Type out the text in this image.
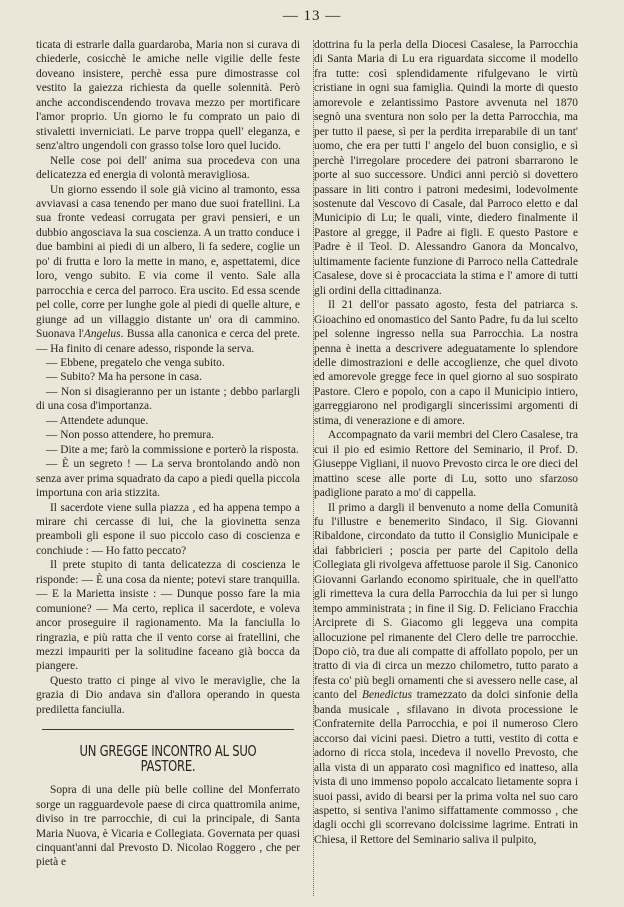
— 13 —

ticata di estrarle dalla guardaroba, Maria non si curava di chiederle, cosicchè le amiche nelle vigilie delle feste doveano insistere, perchè essa pure dimostrasse col vestito la gaiezza richiesta da quelle solennità. Però anche accondiscendendo trovava mezzo per mortificare l'amor proprio. Un giorno le fu comprato un paio di stivaletti inverniciati. Le parve troppa quell' eleganza, e senz'altro ungendoli con grasso tolse loro quel lucido.

Nelle cose poi dell' anima sua procedeva con una delicatezza ed energia di volontà meravigliosa.

Un giorno essendo il sole già vicino al tramonto, essa avviavasi a casa tenendo per mano due suoi fratellini. La sua fronte vedeasi corrugata per gravi pensieri, e un dubbio angosciava la sua coscienza. A un tratto conduce i due bambini ai piedi di un albero, li fa sedere, coglie un po' di frutta e loro la mette in mano, e, aspettatemi, dice loro, vengo subito. E via come il vento. Sale alla parrocchia e cerca del parroco. Era uscito. Ed essa scende pel colle, corre per lunghe gole al piedi di quelle alture, e giunge ad un villaggio distante un' ora di cammino. Suonava l'Angelus. Bussa alla canonica e cerca del prete. — Ha finito di cenare adesso, risponde la serva.

— Ebbene, pregatelo che venga subito.

— Subito? Ma ha persone in casa.

— Non si disagieranno per un istante ; debbo parlargli di una cosa d'importanza.

— Attendete adunque.

— Non posso attendere, ho premura.

— Dite a me; farò la commissione e porterò la risposta.

— È un segreto ! — La serva brontolando andò non senza aver prima squadrato da capo a piedi quella piccola importuna con aria stizzita.

Il sacerdote viene sulla piazza , ed ha appena tempo a mirare chi cercasse di lui, che la giovinetta senza preamboli gli espone il suo piccolo caso di coscienza e conchiude : — Ho fatto peccato?

Il prete stupito di tanta delicatezza di coscienza le risponde: — È una cosa da niente; potevi stare tranquilla. — E la Marietta insiste : — Dunque posso fare la mia comunione? — Ma certo, replica il sacerdote, e voleva ancor proseguire il ragionamento. Ma la fanciulla lo ringrazia, e più ratta che il vento corse ai fratellini, che mezzi impauriti per la solitudine faceano già bocca da piangere.

Questo tratto ci pinge al vivo le meraviglie, che la grazia di Dio andava sin d'allora operando in questa prediletta fanciulla.

UN GREGGE INCONTRO AL SUO PASTORE.

Sopra di una delle più belle colline del Monferrato sorge un ragguardevole paese di circa quattromila anime, diviso in tre parrocchie, di cui la principale, di Santa Maria Nuova, è Vicaria e Collegiata. Governata per quasi cinquant'anni dal Prevosto D. Nicolao Roggero , che per pietà e

dottrina fu la perla della Diocesi Casalese, la Parrocchia di Santa Maria di Lu era riguardata siccome il modello fra tutte: così splendidamente rifulgevano le virtù cristiane in ogni sua famiglia. Quindi la morte di questo amorevole e zelantissimo Pastore avvenuta nel 1870 segnò una sventura non solo per la detta Parrocchia, ma per tutto il paese, sì per la perdita irreparabile di un tant' uomo, che era per tutti l' angelo del buon consiglio, e sì perchè l'irregolare procedere dei patroni sbarrarono le porte al suo successore. Undici anni perciò si dovettero passare in liti contro i patroni medesimi, lodevolmente sostenute dal Vescovo di Casale, dal Parroco eletto e dal Municipio di Lu; le quali, vinte, diedero finalmente il Pastore al gregge, il Padre ai figli. E questo Pastore e Padre è il Teol. D. Alessandro Ganora da Moncalvo, ultimamente faciente funzione di Parroco nella Cattedrale Casalese, dove si è procacciata la stima e l' amore di tutti gli ordini della cittadinanza.

Il 21 dell'or passato agosto, festa del patriarca s. Gioachino ed onomastico del Santo Padre, fu da lui scelto pel solenne ingresso nella sua Parrocchia. La nostra penna è inetta a descrivere adeguatamente lo splendore delle dimostrazioni e delle accoglienze, che quel divoto ed amorevole gregge fece in quel giorno al suo sospirato Pastore. Clero e popolo, con a capo il Municipio intiero, garreggiarono nel prodigargli sincerissimi argomenti di stima, di venerazione e di amore.

Accompagnato da varii membri del Clero Casalese, tra cui il pio ed esimio Rettore del Seminario, il Prof. D. Giuseppe Vigliani, il nuovo Prevosto circa le ore dieci del mattino scese alle porte di Lu, sotto uno sfarzoso padiglione parato a mo' di cappella.

Il primo a dargli il benvenuto a nome della Comunità fu l'illustre e benemerito Sindaco, il Sig. Giovanni Ribaldone, circondato da tutto il Consiglio Municipale e dai fabbricieri ; poscia per parte del Capitolo della Collegiata gli rivolgeva affettuose parole il Sig. Canonico Giovanni Garlando economo spirituale, che in quell'atto gli rimetteva la cura della Parrocchia da lui per sì lungo tempo amministrata ; in fine il Sig. D. Feliciano Fracchia Arciprete di S. Giacomo gli leggeva una compita allocuzione pel rimanente del Clero delle tre parrocchie. Dopo ciò, tra due ali compatte di affollato popolo, per un tratto di via di circa un mezzo chilometro, tutto parato a festa co' più begli ornamenti che si avessero nelle case, al canto del Benedictus tramezzato da dolci sinfonie della banda musicale , sfilavano in divota processione le Confraternite della Parrocchia, e poi il numeroso Clero accorso dai vicini paesi. Dietro a tutti, vestito di cotta e adorno di ricca stola, incedeva il novello Prevosto, che alla vista di un apparato così magnifico ed inatteso, alla vista di uno immenso popolo accalcato lietamente sopra i suoi passi, avido di bearsi per la prima volta nel suo caro aspetto, si sentiva l'animo siffattamente commosso , che dagli occhi gli scorrevano dolcissime lagrime. Entrati in Chiesa, il Rettore del Seminario saliva il pulpito,
